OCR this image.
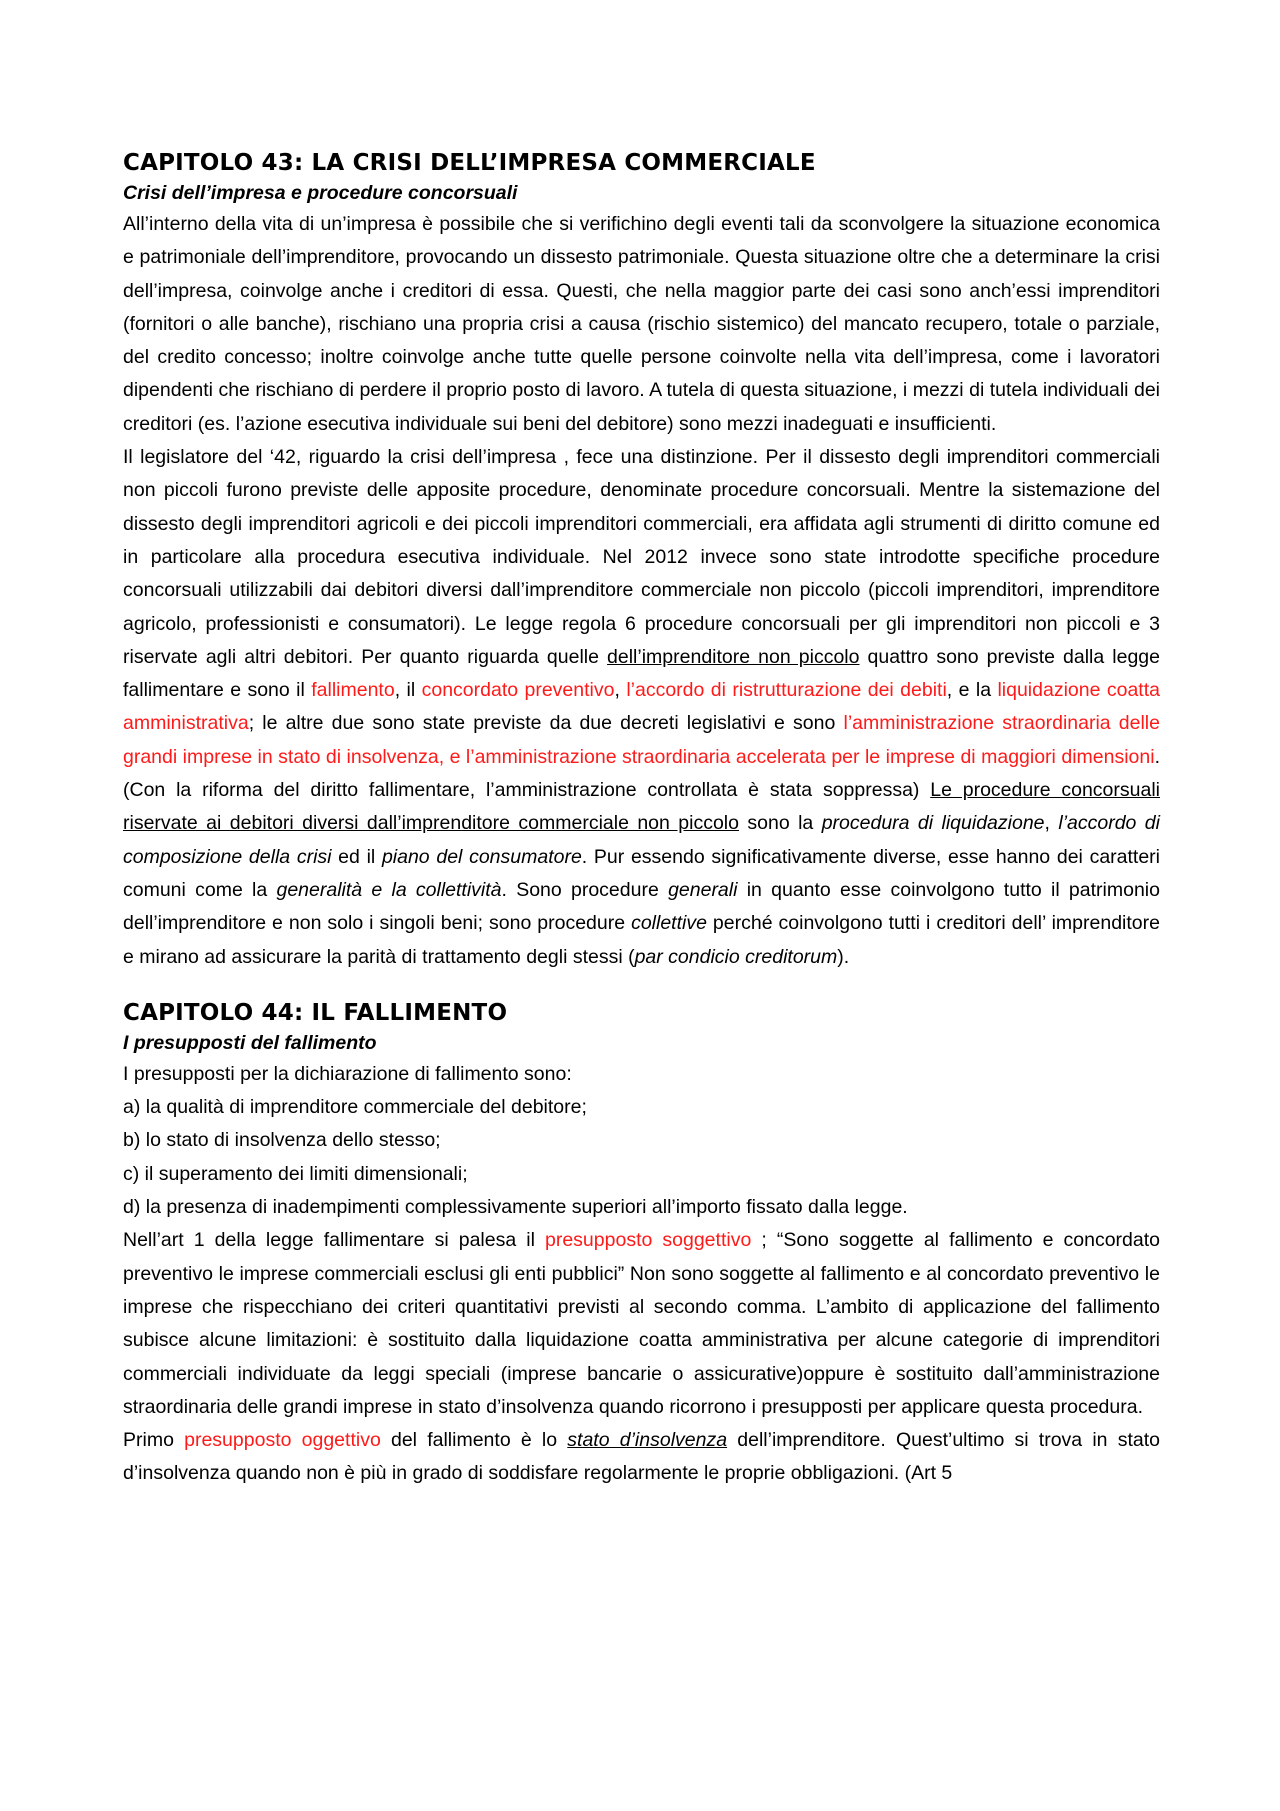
CAPITOLO 43: LA CRISI DELL’IMPRESA COMMERCIALE
Crisi dell’impresa e procedure concorsuali

All’interno della vita di un’impresa è possibile che si verifichino degli eventi tali da sconvolgere la situazione economica e patrimoniale dell’imprenditore, provocando un dissesto patrimoniale. Questa situazione oltre che a determinare la crisi dell’impresa, coinvolge anche i creditori di essa. Questi, che nella maggior parte dei casi sono anch’essi imprenditori (fornitori o alle banche), rischiano una propria crisi a causa (rischio sistemico) del mancato recupero, totale o parziale, del credito concesso; inoltre coinvolge anche tutte quelle persone coinvolte nella vita dell’impresa, come i lavoratori dipendenti che rischiano di perdere il proprio posto di lavoro. A tutela di questa situazione, i mezzi di tutela individuali dei creditori (es. l’azione esecutiva individuale sui beni del debitore) sono mezzi inadeguati e insufficienti.

Il legislatore del ‘42, riguardo la crisi dell’impresa , fece una distinzione. Per il dissesto degli imprenditori commerciali non piccoli furono previste delle apposite procedure, denominate procedure concorsuali. Mentre la sistemazione del dissesto degli imprenditori agricoli e dei piccoli imprenditori commerciali, era affidata agli strumenti di diritto comune ed in particolare alla procedura esecutiva individuale. Nel 2012 invece sono state introdotte specifiche procedure concorsuali utilizzabili dai debitori diversi dall’imprenditore commerciale non piccolo (piccoli imprenditori, imprenditore agricolo, professionisti e consumatori). Le legge regola 6 procedure concorsuali per gli imprenditori non piccoli e 3 riservate agli altri debitori. Per quanto riguarda quelle dell’imprenditore non piccolo quattro sono previste dalla legge fallimentare e sono il fallimento, il concordato preventivo, l’accordo di ristrutturazione dei debiti, e la liquidazione coatta amministrativa; le altre due sono state previste da due decreti legislativi e sono l’amministrazione straordinaria delle grandi imprese in stato di insolvenza, e l’amministrazione straordinaria accelerata per le imprese di maggiori dimensioni. (Con la riforma del diritto fallimentare, l’amministrazione controllata è stata soppressa) Le procedure concorsuali riservate ai debitori diversi dall’imprenditore commerciale non piccolo sono la procedura di liquidazione, l’accordo di composizione della crisi ed il piano del consumatore. Pur essendo significativamente diverse, esse hanno dei caratteri comuni come la generalità e la collettività. Sono procedure generali in quanto esse coinvolgono tutto il patrimonio dell’imprenditore e non solo i singoli beni; sono procedure collettive perché coinvolgono tutti i creditori dell’ imprenditore e mirano ad assicurare la parità di trattamento degli stessi (par condicio creditorum).

CAPITOLO 44: IL FALLIMENTO
I presupposti del fallimento

I presupposti per la dichiarazione di fallimento sono:

a) la qualità di imprenditore commerciale del debitore;

b) lo stato di insolvenza dello stesso;

c) il superamento dei limiti dimensionali;

d) la presenza di inadempimenti complessivamente superiori all’importo fissato dalla legge.

Nell’art 1 della legge fallimentare si palesa il presupposto soggettivo ; “Sono soggette al fallimento e concordato preventivo le imprese commerciali esclusi gli enti pubblici” Non sono soggette al fallimento e al concordato preventivo le imprese che rispecchiano dei criteri quantitativi previsti al secondo comma. L’ambito di applicazione del fallimento subisce alcune limitazioni: è sostituito dalla liquidazione coatta amministrativa per alcune categorie di imprenditori commerciali individuate da leggi speciali (imprese bancarie o assicurative)oppure è sostituito dall’amministrazione straordinaria delle grandi imprese in stato d’insolvenza quando ricorrono i presupposti per applicare questa procedura.

Primo presupposto oggettivo del fallimento è lo stato d’insolvenza dell’imprenditore. Quest’ultimo si trova in stato d’insolvenza quando non è più in grado di soddisfare regolarmente le proprie obbligazioni. (Art 5
